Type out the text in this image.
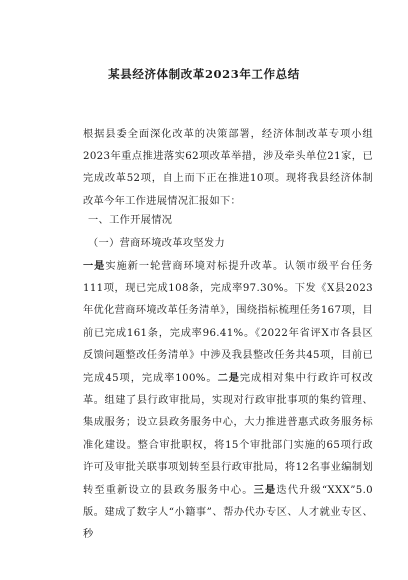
某县经济体制改革2023年工作总结

根据县委全面深化改革的决策部署，经济体制改革专项小组2023年重点推进落实62项改革举措，涉及牵头单位21家，已完成改革52项，自上而下正在推进10项。现将我县经济体制改革今年工作进展情况汇报如下：

一、工作开展情况

（一）营商环境改革攻坚发力

一是实施新一轮营商环境对标提升改革。认领市级平台任务111项，现已完成108条，完成率97.30%。下发《X县2023年优化营商环境改革任务清单》，围绕指标梳理任务167项，目前已完成161条，完成率96.41%。《2022年省评X市各县区反馈问题整改任务清单》中涉及我县整改任务共45项，目前已完成45项，完成率100%。二是完成相对集中行政许可权改革。组建了县行政审批局，实现对行政审批事项的集约管理、集成服务；设立县政务服务中心，大力推进普惠式政务服务标准化建设。整合审批职权，将15个审批部门实施的65项行政许可及审批关联事项划转至县行政审批局，将12名事业编制划转至重新设立的县政务服务中心。三是迭代升级“XXX”5.0版。建成了数字人“小籍事”、帮办代办专区、人才就业专区、秒
